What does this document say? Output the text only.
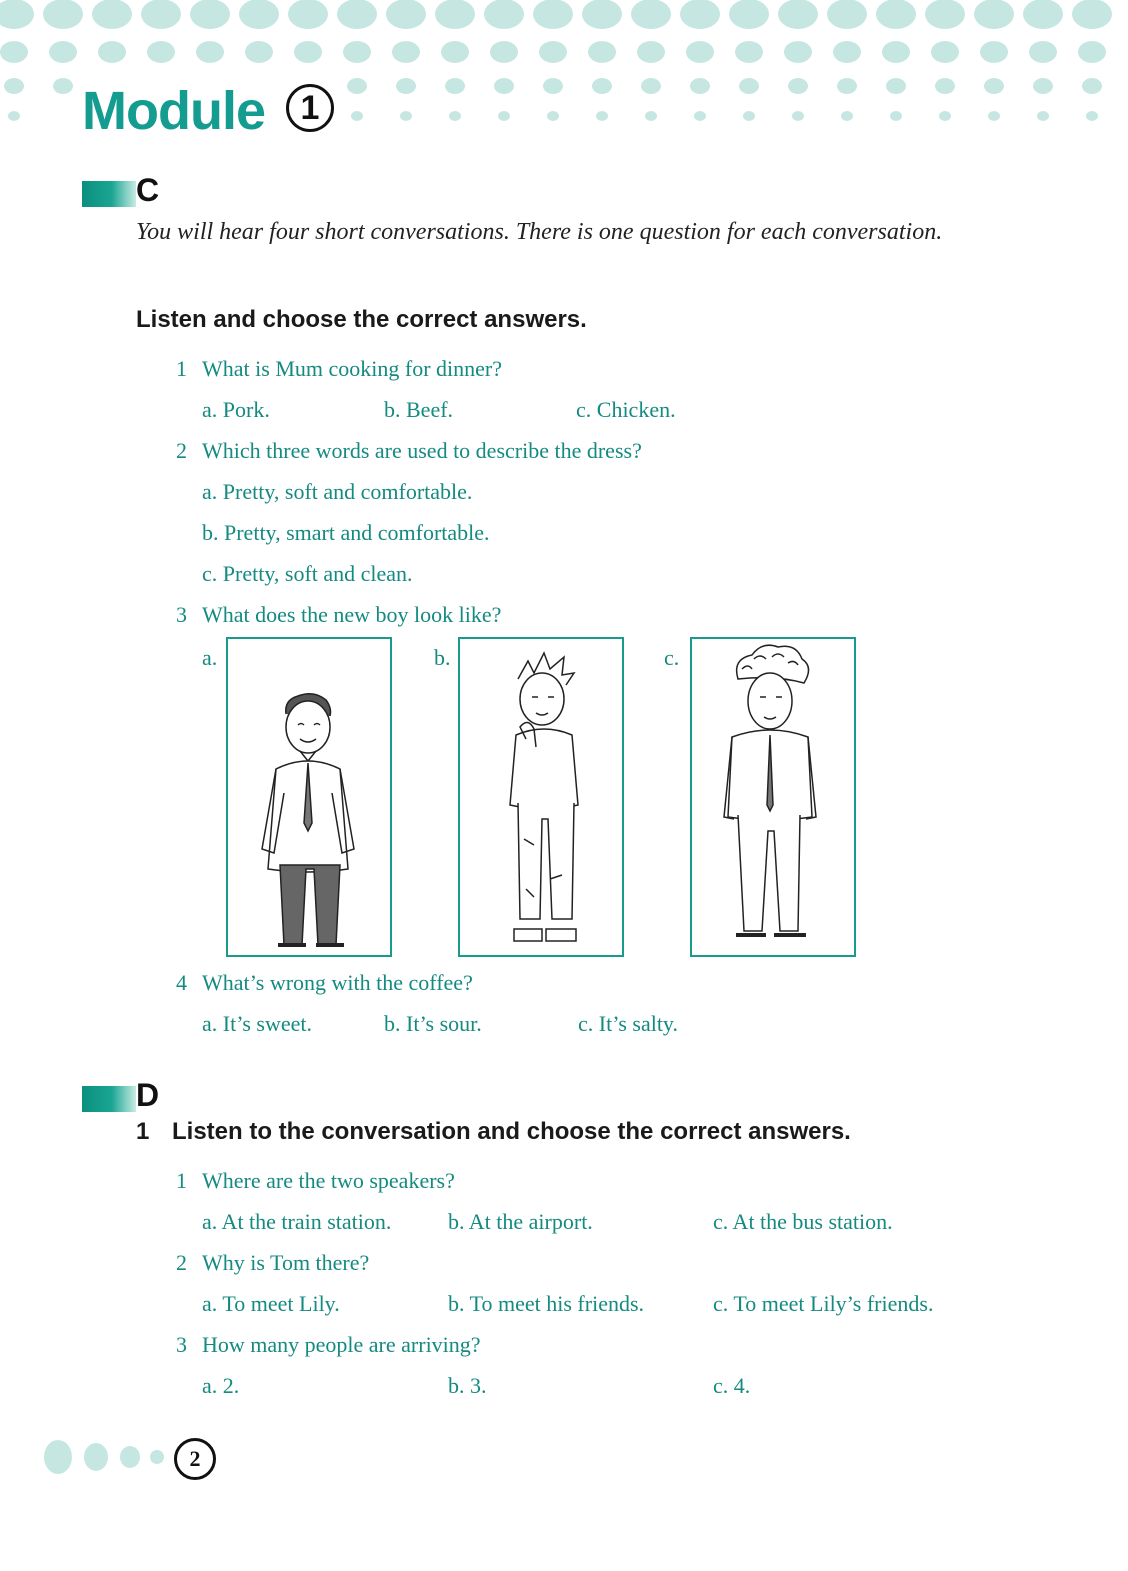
Module	1
C
You will hear four short conversations. There is one question for each conversation.
Listen and choose the correct answers.
1 What is Mum cooking for dinner?
a. Pork.	b. Beef.	c. Chicken.
2 Which three words are used to describe the dress?
a. Pretty, soft and comfortable.
b. Pretty, smart and comfortable.
c. Pretty, soft and clean.
3 What does the new boy look like?
a.	b.	c.
4 What’s wrong with the coffee?
a. It’s sweet.	b. It’s sour.	c. It’s salty.
D
1 Listen to the conversation and choose the correct answers.
1 Where are the two speakers?
a. At the train station.	b. At the airport.	c. At the bus station.
2 Why is Tom there?
a. To meet Lily.	b. To meet his friends.	c. To meet Lily’s friends.
3 How many people are arriving?
a. 2.	b. 3.	c. 4.
2
